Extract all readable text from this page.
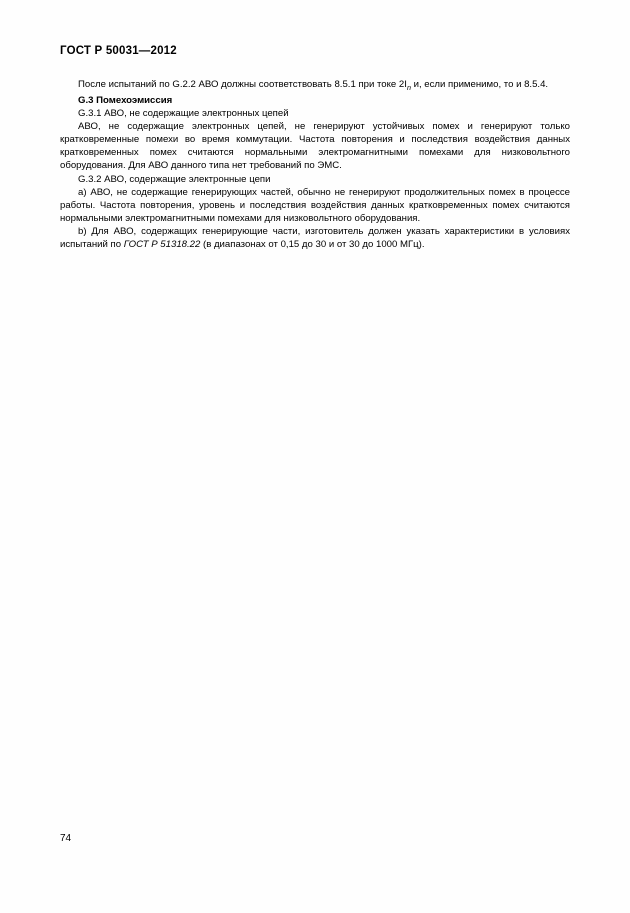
ГОСТ Р 50031—2012

После испытаний по G.2.2 АВО должны соответствовать 8.5.1 при токе $2I_n$ и, если применимо, то и 8.5.4.

G.3 Помехоэмиссия

G.3.1 АВО, не содержащие электронных цепей

АВО, не содержащие электронных цепей, не генерируют устойчивых помех и генерируют только кратковременные помехи во время коммутации. Частота повторения и последствия воздействия данных кратковременных помех считаются нормальными электромагнитными помехами для низковольтного оборудования. Для АВО данного типа нет требований по ЭМС.

G.3.2 АВО, содержащие электронные цепи

a) АВО, не содержащие генерирующих частей, обычно не генерируют продолжительных помех в процессе работы. Частота повторения, уровень и последствия воздействия данных кратковременных помех считаются нормальными электромагнитными помехами для низковольтного оборудования.

b) Для АВО, содержащих генерирующие части, изготовитель должен указать характеристики в условиях испытаний по ГОСТ Р 51318.22 (в диапазонах от 0,15 до 30 и от 30 до 1000 МГц).

74
